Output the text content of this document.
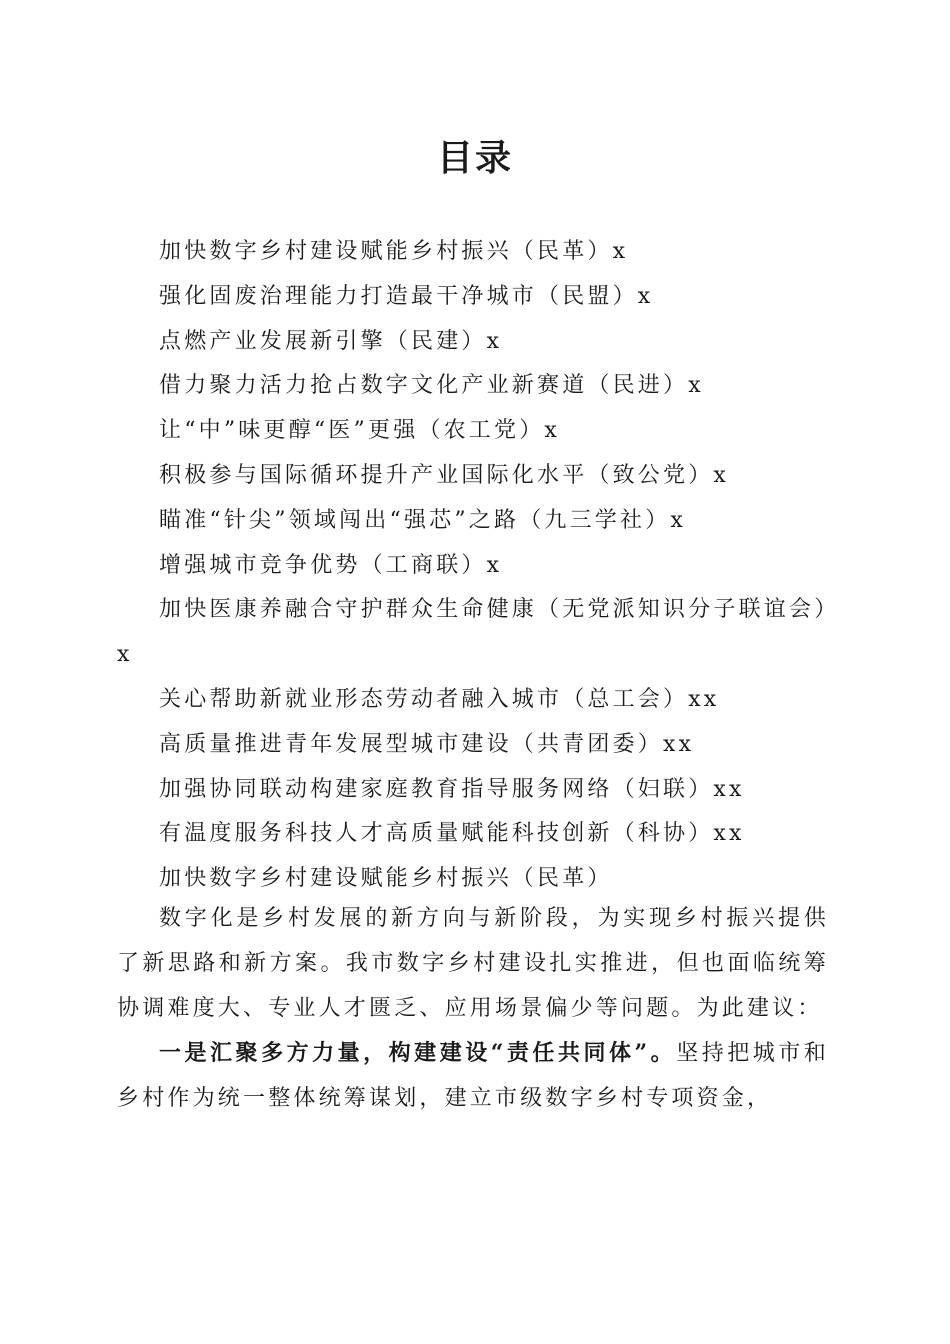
目录
加快数字乡村建设赋能乡村振兴（民革）x
强化固废治理能力打造最干净城市（民盟）x
点燃产业发展新引擎（民建）x
借力聚力活力抢占数字文化产业新赛道（民进）x
让“中”味更醇“医”更强（农工党）x
积极参与国际循环提升产业国际化水平（致公党）x
瞄准“针尖”领域闯出“强芯”之路（九三学社）x
增强城市竞争优势（工商联）x
加快医康养融合守护群众生命健康（无党派知识分子联谊会）x
关心帮助新就业形态劳动者融入城市（总工会）xx
高质量推进青年发展型城市建设（共青团委）xx
加强协同联动构建家庭教育指导服务网络（妇联）xx
有温度服务科技人才高质量赋能科技创新（科协）xx
加快数字乡村建设赋能乡村振兴（民革）

数字化是乡村发展的新方向与新阶段，为实现乡村振兴提供了新思路和新方案。我市数字乡村建设扎实推进，但也面临统筹协调难度大、专业人才匮乏、应用场景偏少等问题。为此建议：

一是汇聚多方力量，构建建设“责任共同体”。坚持把城市和乡村作为统一整体统筹谋划，建立市级数字乡村专项资金，
